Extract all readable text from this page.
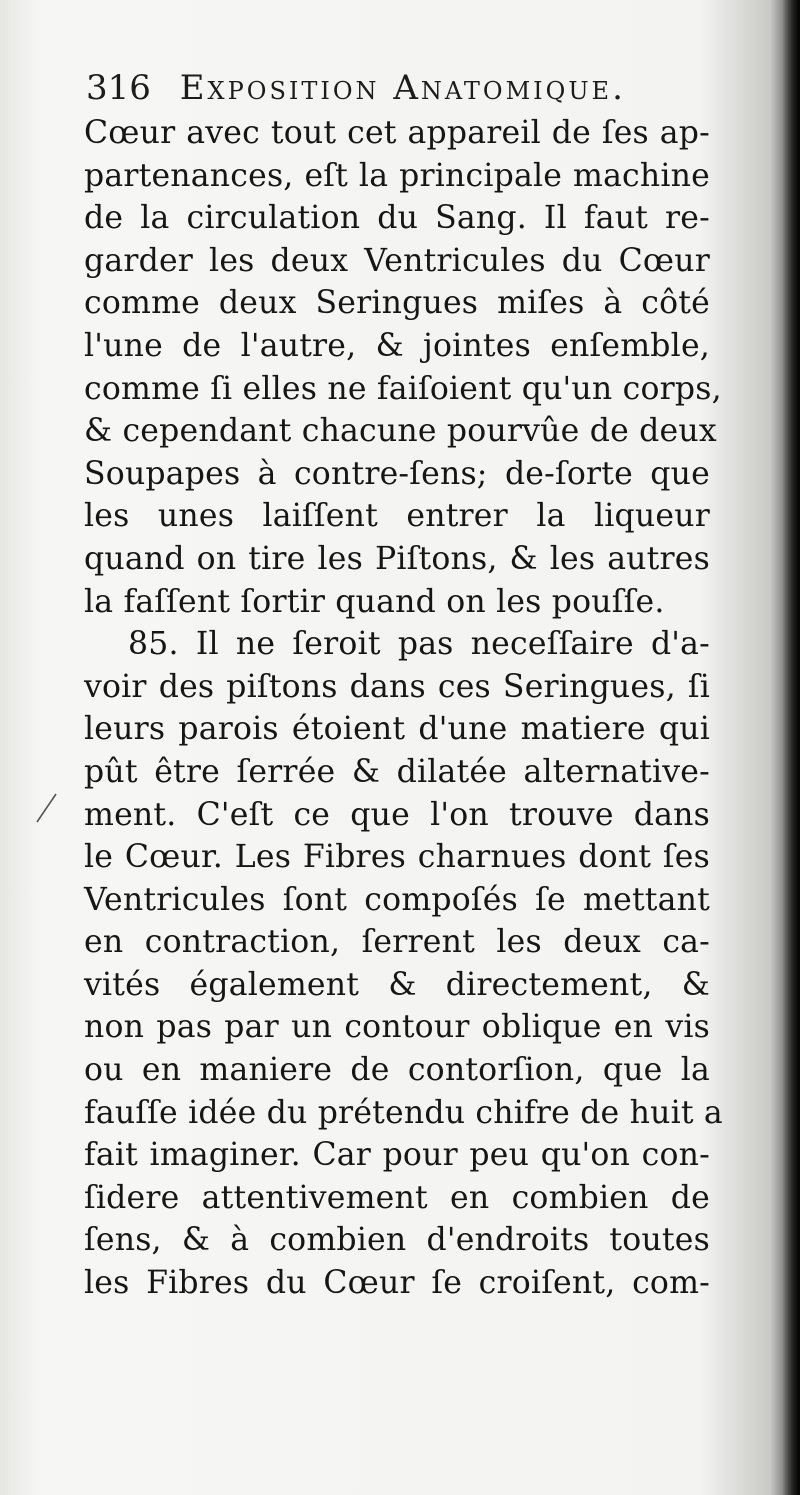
316 Exposition Anatomique.
Cœur avec tout cet appareil de ſes ap-
partenances, eſt la principale machine
de la circulation du Sang. Il faut re-
garder les deux Ventricules du Cœur
comme deux Seringues miſes à côté
l'une de l'autre, & jointes enſemble,
comme ſi elles ne faiſoient qu'un corps,
& cependant chacune pourvûe de deux
Soupapes à contre-ſens; de-ſorte que
les unes laiſſent entrer la liqueur
quand on tire les Piſtons, & les autres
la faſſent ſortir quand on les pouſſe.
85. Il ne ſeroit pas neceſſaire d'a-
voir des piſtons dans ces Seringues, ſi
leurs parois étoient d'une matiere qui
pût être ſerrée & dilatée alternative-
ment. C'eſt ce que l'on trouve dans
le Cœur. Les Fibres charnues dont ſes
Ventricules ſont compoſés ſe mettant
en contraction, ſerrent les deux ca-
vités également & directement, &
non pas par un contour oblique en vis
ou en maniere de contorſion, que la
fauſſe idée du prétendu chifre de huit a
fait imaginer. Car pour peu qu'on con-
ſidere attentivement en combien de
ſens, & à combien d'endroits toutes
les Fibres du Cœur ſe croiſent, com-
